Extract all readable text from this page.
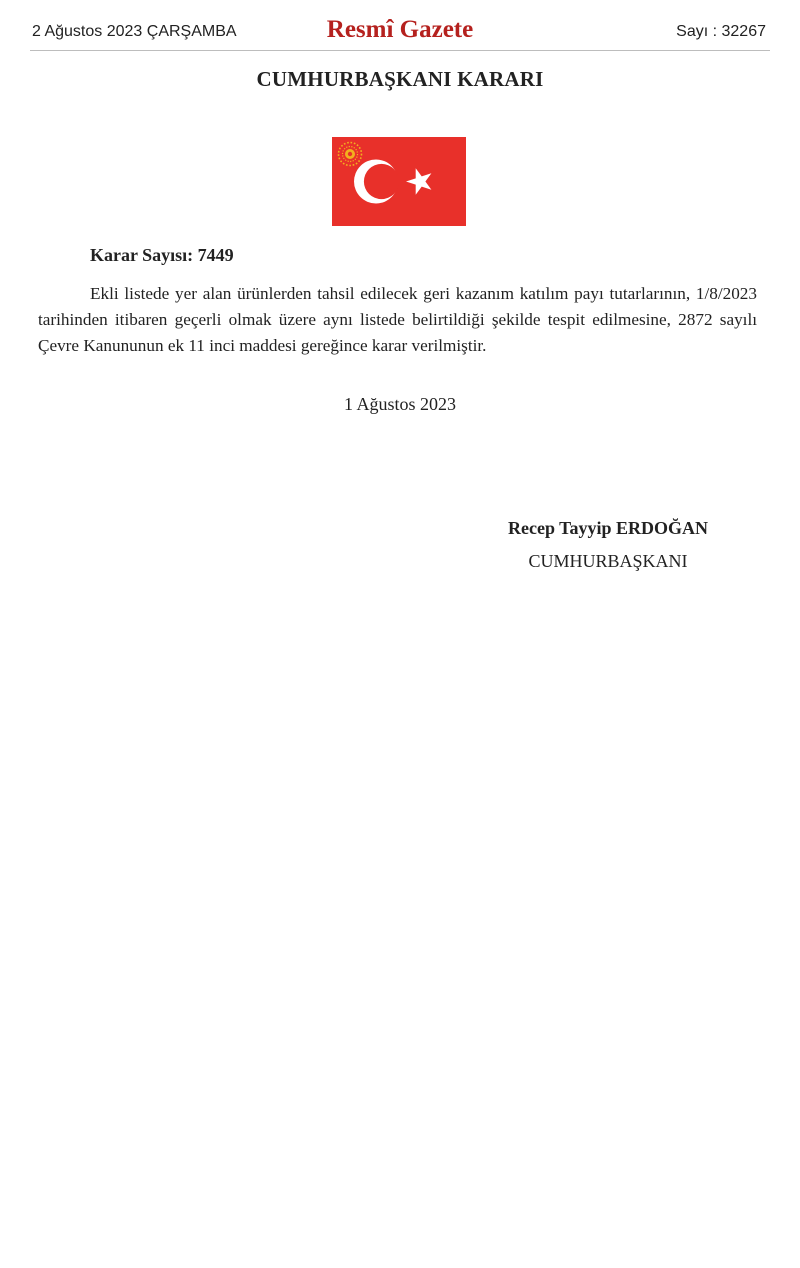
2 Ağustos 2023 ÇARŞAMBA	Resmî Gazete	Sayı : 32267
CUMHURBAŞKANI KARARI
Karar Sayısı: 7449

Ekli listede yer alan ürünlerden tahsil edilecek geri kazanım katılım payı tutarlarının, 1/8/2023 tarihinden itibaren geçerli olmak üzere aynı listede belirtildiği şekilde tespit edilmesine, 2872 sayılı Çevre Kanununun ek 11 inci maddesi gereğince karar verilmiştir.

1 Ağustos 2023
Recep Tayyip ERDOĞAN
CUMHURBAŞKANI
